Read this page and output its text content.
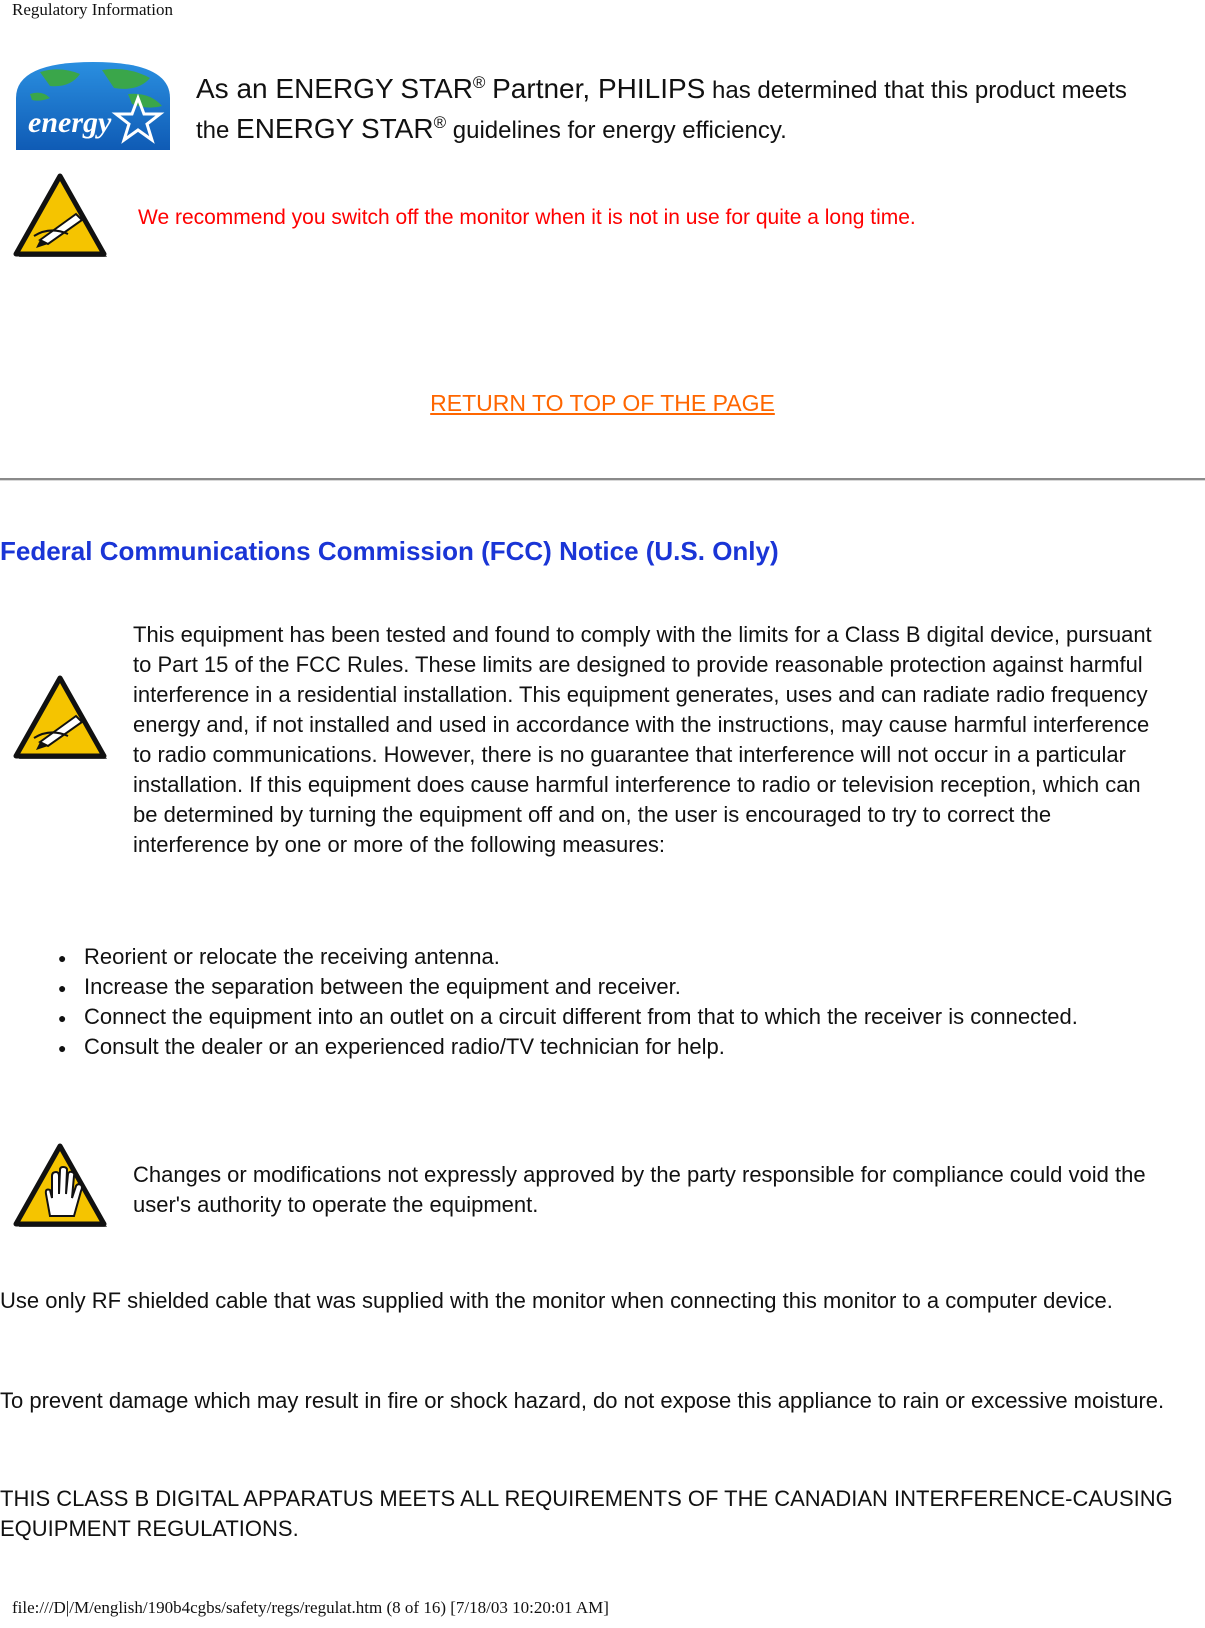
Regulatory Information
energy
As an ENERGY STAR® Partner, PHILIPS has determined that this product meets the ENERGY STAR® guidelines for energy efficiency.
We recommend you switch off the monitor when it is not in use for quite a long time.
RETURN TO TOP OF THE PAGE
Federal Communications Commission (FCC) Notice (U.S. Only)
This equipment has been tested and found to comply with the limits for a Class B digital device, pursuant to Part 15 of the FCC Rules. These limits are designed to provide reasonable protection against harmful interference in a residential installation. This equipment generates, uses and can radiate radio frequency energy and, if not installed and used in accordance with the instructions, may cause harmful interference to radio communications. However, there is no guarantee that interference will not occur in a particular installation. If this equipment does cause harmful interference to radio or television reception, which can be determined by turning the equipment off and on, the user is encouraged to try to correct the interference by one or more of the following measures:
● Reorient or relocate the receiving antenna.
● Increase the separation between the equipment and receiver.
● Connect the equipment into an outlet on a circuit different from that to which the receiver is connected.
● Consult the dealer or an experienced radio/TV technician for help.
Changes or modifications not expressly approved by the party responsible for compliance could void the user's authority to operate the equipment.
Use only RF shielded cable that was supplied with the monitor when connecting this monitor to a computer device.
To prevent damage which may result in fire or shock hazard, do not expose this appliance to rain or excessive moisture.
THIS CLASS B DIGITAL APPARATUS MEETS ALL REQUIREMENTS OF THE CANADIAN INTERFERENCE-CAUSING EQUIPMENT REGULATIONS.
file:///D|/M/english/190b4cgbs/safety/regs/regulat.htm (8 of 16) [7/18/03 10:20:01 AM]
